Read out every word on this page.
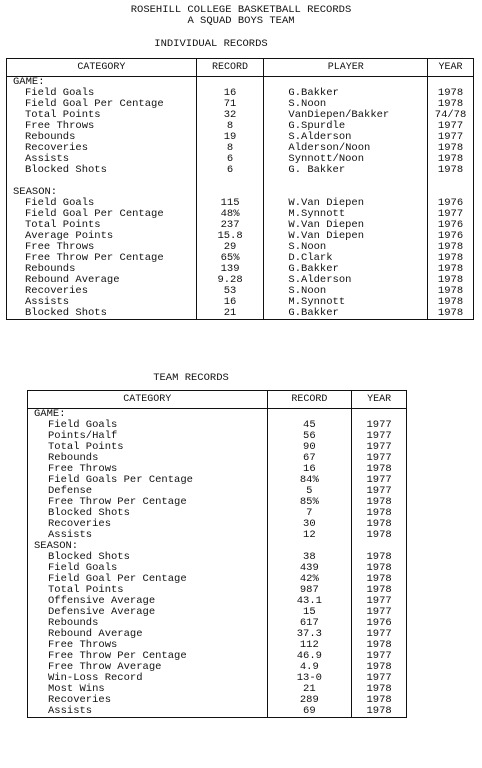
ROSEHILL COLLEGE BASKETBALL RECORDS
A SQUAD BOYS TEAM
INDIVIDUAL RECORDS
CATEGORY	RECORD	PLAYER	YEAR
GAME:			
Field Goals	16	G.Bakker	1978
Field Goal Per Centage	71	S.Noon	1978
Total Points	32	VanDiepen/Bakker	74/78
Free Throws	8	G.Spurdle	1977
Rebounds	19	S.Alderson	1977
Recoveries	8	Alderson/Noon	1978
Assists	6	Synnott/Noon	1978
Blocked Shots	6	G. Bakker	1978

SEASON:			
Field Goals	115	W.Van Diepen	1976
Field Goal Per Centage	48%	M.Synnott	1977
Total Points	237	W.Van Diepen	1976
Average Points	15.8	W.Van Diepen	1976
Free Throws	29	S.Noon	1978
Free Throw Per Centage	65%	D.Clark	1978
Rebounds	139	G.Bakker	1978
Rebound Average	9.28	S.Alderson	1978
Recoveries	53	S.Noon	1978
Assists	16	M.Synnott	1978
Blocked Shots	21	G.Bakker	1978
TEAM RECORDS
CATEGORY	RECORD	YEAR
GAME:		
Field Goals	45	1977
Points/Half	56	1977
Total Points	90	1977
Rebounds	67	1977
Free Throws	16	1978
Field Goals Per Centage	84%	1977
Defense	5	1977
Free Throw Per Centage	85%	1978
Blocked Shots	7	1978
Recoveries	30	1978
Assists	12	1978
SEASON:		
Blocked Shots	38	1978
Field Goals	439	1978
Field Goal Per Centage	42%	1978
Total Points	987	1978
Offensive Average	43.1	1977
Defensive Average	15	1977
Rebounds	617	1976
Rebound Average	37.3	1977
Free Throws	112	1978
Free Throw Per Centage	46.9	1977
Free Throw Average	4.9	1978
Win-Loss Record	13-0	1977
Most Wins	21	1978
Recoveries	289	1978
Assists	69	1978
